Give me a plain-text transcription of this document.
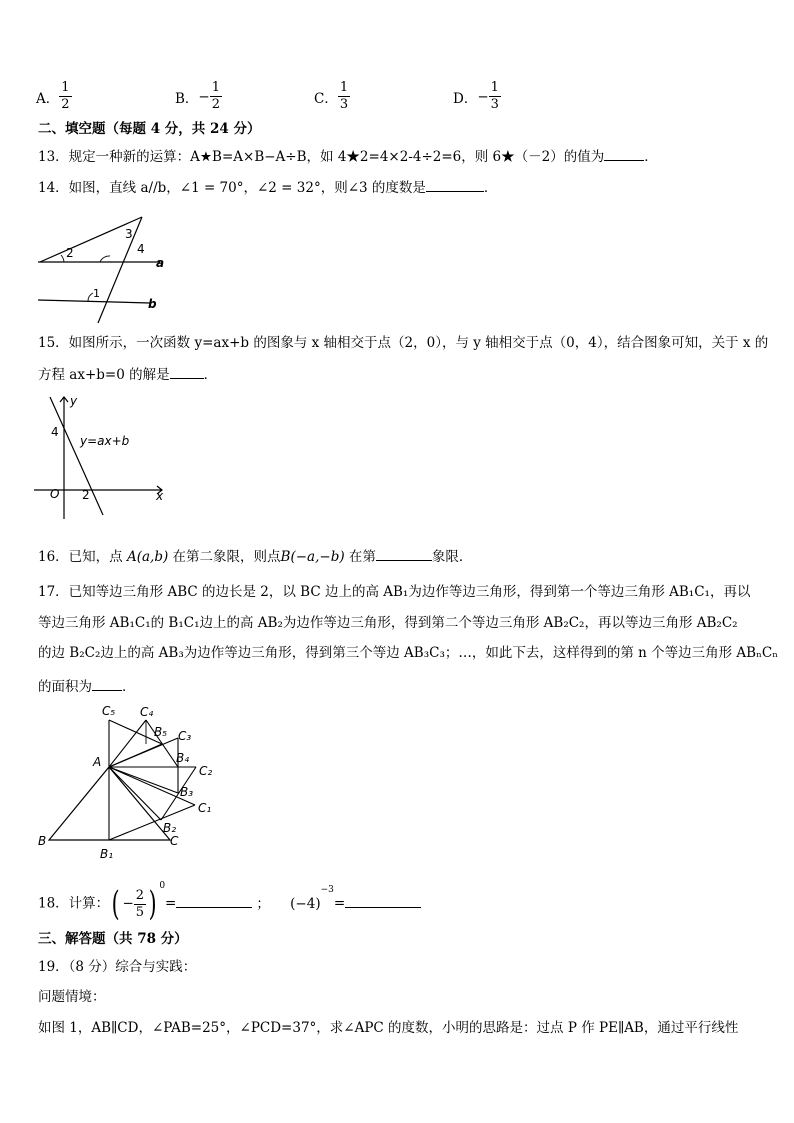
A． $\frac{1}{2}$	B．− $\frac{1}{2}$	C． $\frac{1}{3}$	D．− $\frac{1}{3}$
二、填空题（每题 4 分，共 24 分）
13．规定一种新的运算：A★B=A×B−A÷B，如 4★2=4×2-4÷2=6，则 6★（－2）的值为	．
14．如图，直线 a//b，∠1 = 70°，∠2 = 32°，则∠3 的度数是	．
2
3
4
1
a
b
15．如图所示，一次函数 y=ax+b 的图象与 x 轴相交于点（2，0），与 y 轴相交于点（0，4），结合图象可知，关于 x 的
方程 ax+b=0 的解是	．
y
x
O
4
2
y=ax+b
16．已知，点 A(a,b) 在第二象限，则点B(−a,−b) 在第	象限．
17．已知等边三角形 ABC 的边长是 2，以 BC 边上的高 AB₁为边作等边三角形，得到第一个等边三角形 AB₁C₁，再以
等边三角形 AB₁C₁的 B₁C₁边上的高 AB₂为边作等边三角形，得到第二个等边三角形 AB₂C₂，再以等边三角形 AB₂C₂
的边 B₂C₂边上的高 AB₃为边作等边三角形，得到第三个等边 AB₃C₃；…，如此下去，这样得到的第 n 个等边三角形 ABₙCₙ
的面积为 ．
A
B	C
B₁
C₁
B₂
C₂
B₃
C₃
B₄
C₄
B₅
C₅
18．计算：( − $\frac{2}{5}$ ) $^0$=	； $(-4)^{-3}=$
三、解答题（共 78 分）
19．（8 分）综合与实践：
问题情境：
如图 1，AB∥CD，∠PAB=25°，∠PCD=37°，求∠APC 的度数，小明的思路是：过点 P 作 PE∥AB，通过平行线性
